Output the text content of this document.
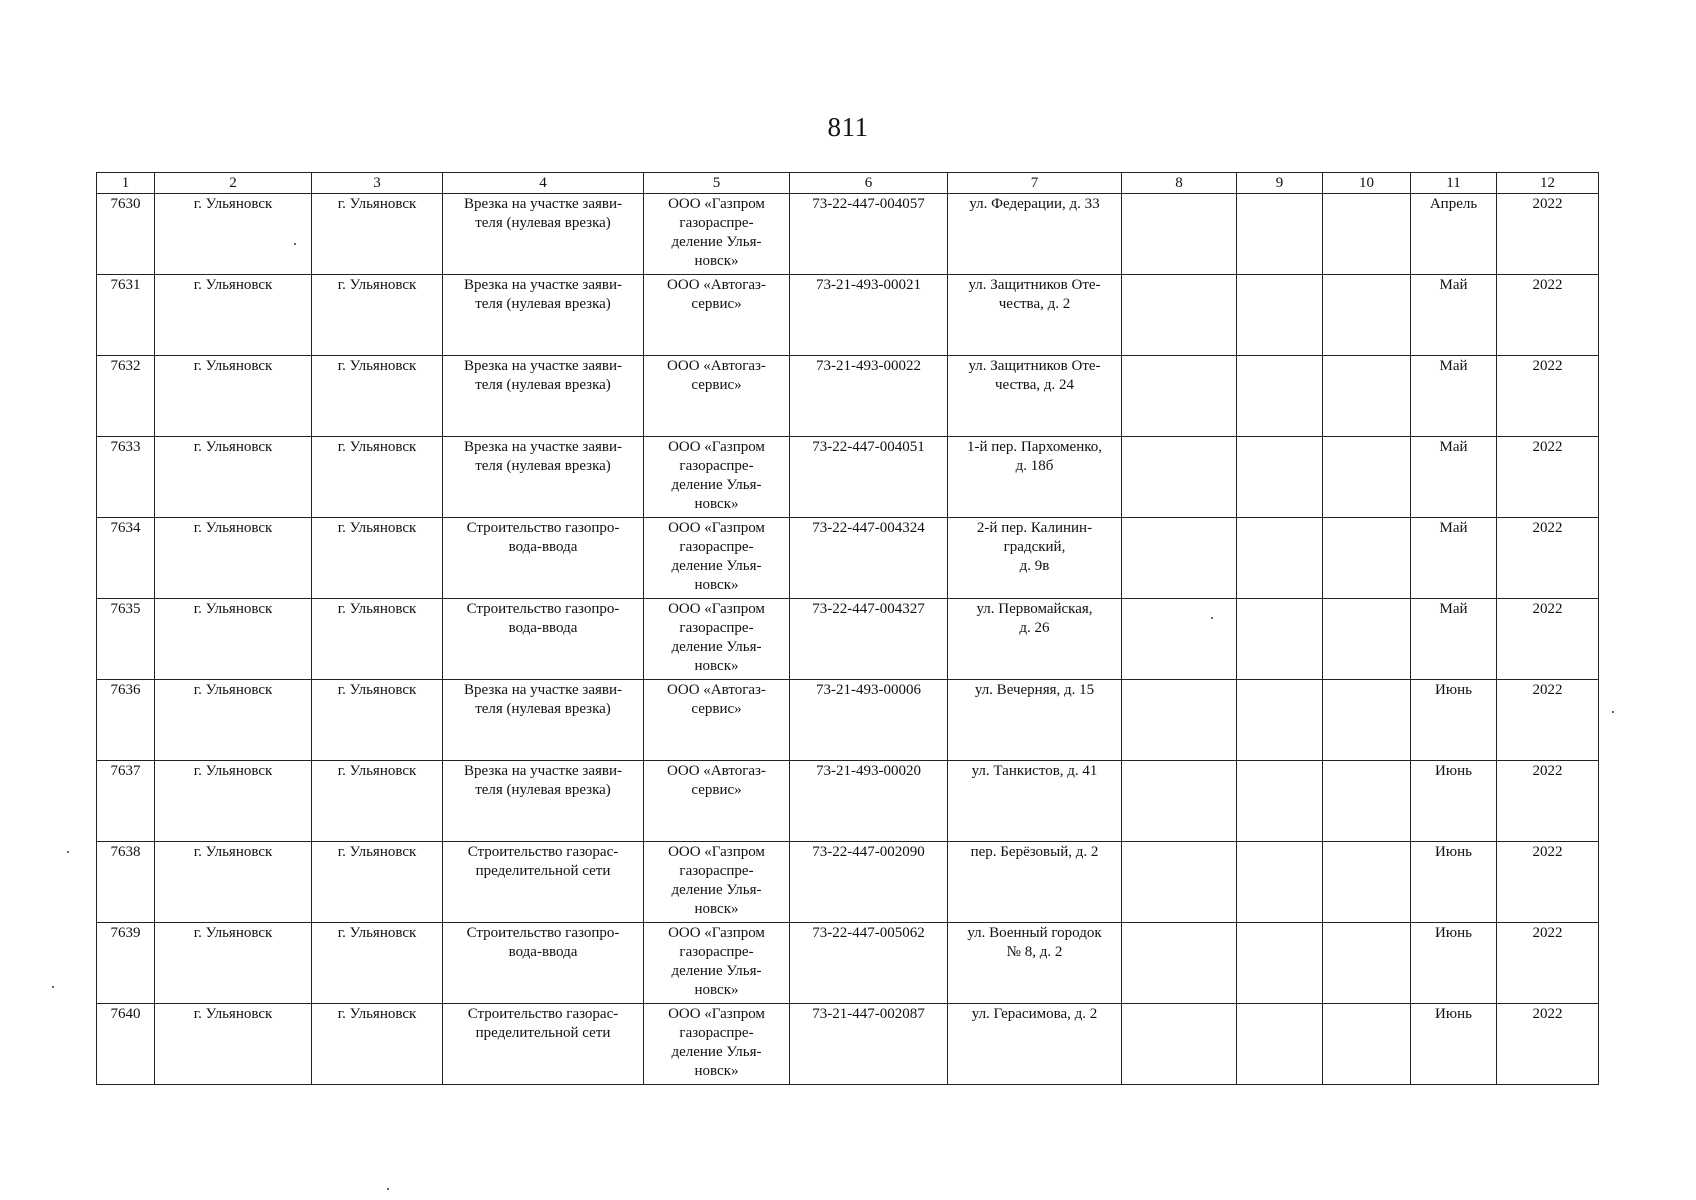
811
1	2	3	4	5	6	7	8	9	10	11	12
7630	г. Ульяновск	г. Ульяновск	Врезка на участке заяви-
теля (нулевая врезка)	ООО «Газпром
газораспре-
деление Улья-
новск»	73-22-447-004057	ул. Федерации, д. 33				Апрель	2022
7631	г. Ульяновск	г. Ульяновск	Врезка на участке заяви-
теля (нулевая врезка)	ООО «Автогаз-
сервис»	73-21-493-00021	ул. Защитников Оте-
чества, д. 2				Май	2022
7632	г. Ульяновск	г. Ульяновск	Врезка на участке заяви-
теля (нулевая врезка)	ООО «Автогаз-
сервис»	73-21-493-00022	ул. Защитников Оте-
чества, д. 24				Май	2022
7633	г. Ульяновск	г. Ульяновск	Врезка на участке заяви-
теля (нулевая врезка)	ООО «Газпром
газораспре-
деление Улья-
новск»	73-22-447-004051	1-й пер. Пархоменко,
д. 18б				Май	2022
7634	г. Ульяновск	г. Ульяновск	Строительство газопро-
вода-ввода	ООО «Газпром
газораспре-
деление Улья-
новск»	73-22-447-004324	2-й пер. Калинин-
градский,
д. 9в				Май	2022
7635	г. Ульяновск	г. Ульяновск	Строительство газопро-
вода-ввода	ООО «Газпром
газораспре-
деление Улья-
новск»	73-22-447-004327	ул. Первомайская,
д. 26				Май	2022
7636	г. Ульяновск	г. Ульяновск	Врезка на участке заяви-
теля (нулевая врезка)	ООО «Автогаз-
сервис»	73-21-493-00006	ул. Вечерняя, д. 15				Июнь	2022
7637	г. Ульяновск	г. Ульяновск	Врезка на участке заяви-
теля (нулевая врезка)	ООО «Автогаз-
сервис»	73-21-493-00020	ул. Танкистов, д. 41				Июнь	2022
7638	г. Ульяновск	г. Ульяновск	Строительство газорас-
пределительной сети	ООО «Газпром
газораспре-
деление Улья-
новск»	73-22-447-002090	пер. Берёзовый, д. 2				Июнь	2022
7639	г. Ульяновск	г. Ульяновск	Строительство газопро-
вода-ввода	ООО «Газпром
газораспре-
деление Улья-
новск»	73-22-447-005062	ул. Военный городок
№ 8, д. 2				Июнь	2022
7640	г. Ульяновск	г. Ульяновск	Строительство газорас-
пределительной сети	ООО «Газпром
газораспре-
деление Улья-
новск»	73-21-447-002087	ул. Герасимова, д. 2				Июнь	2022
